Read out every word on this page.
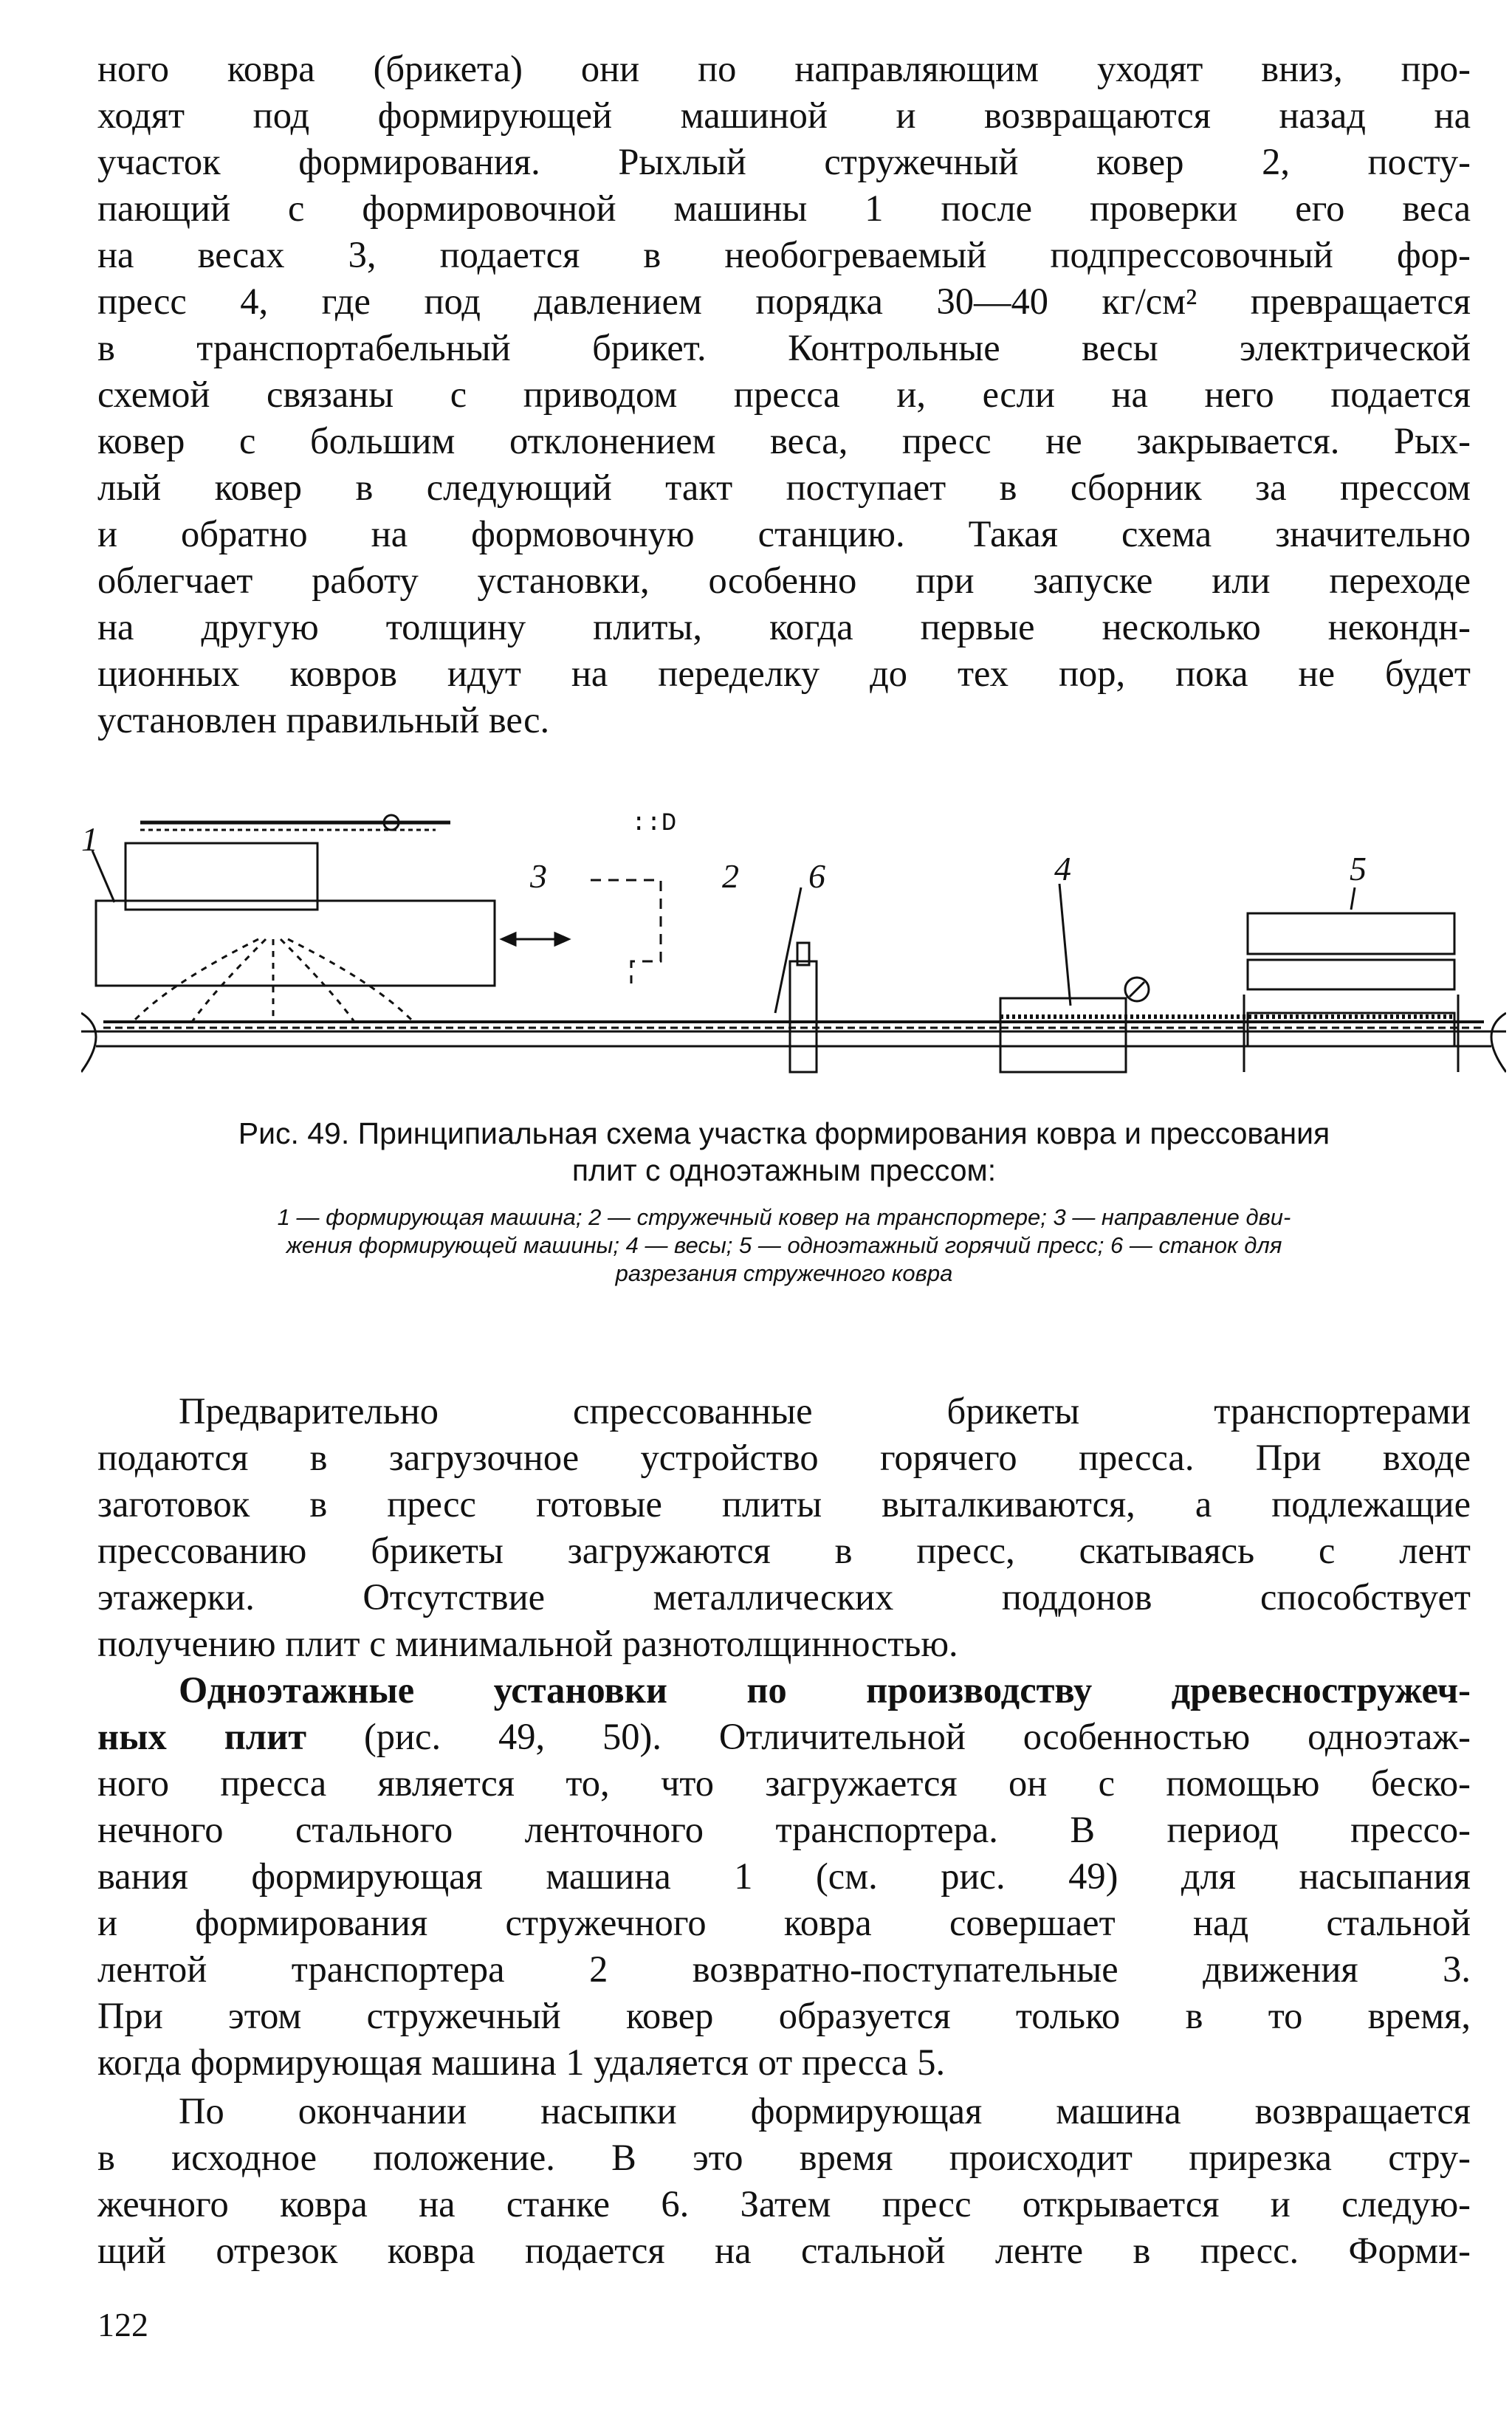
ного ковра (брикета) они по направляющим уходят вниз, про-
ходят под формирующей машиной и возвращаются назад на
участок формирования. Рыхлый стружечный ковер 2, посту-
пающий с формировочной машины 1 после проверки его веса
на весах 3, подается в необогреваемый подпрессовочный фор-
пресс 4, где под давлением порядка 30—40 кг/см² превращается
в транспортабельный брикет. Контрольные весы электрической
схемой связаны с приводом пресса и, если на него подается
ковер с большим отклонением веса, пресс не закрывается. Рых-
лый ковер в следующий такт поступает в сборник за прессом
и обратно на формовочную станцию. Такая схема значительно
облегчает работу установки, особенно при запуске или переходе
на другую толщину плиты, когда первые несколько некондн-
ционных ковров идут на переделку до тех пор, пока не будет
установлен правильный вес.
::D
1
3	2 6	4	5
Рис. 49. Принципиальная схема участка формирования ковра и прессования
плит с одноэтажным прессом:
1 — формирующая машина; 2 — стружечный ковер на транспортере; 3 — направление дви-
жения формирующей машины; 4 — весы; 5 — одноэтажный горячий пресс; 6 — станок для
разрезания стружечного ковра
Предварительно спрессованные брикеты транспортерами
подаются в загрузочное устройство горячего пресса. При входе
заготовок в пресс готовые плиты выталкиваются, а подлежащие
прессованию брикеты загружаются в пресс, скатываясь с лент
этажерки. Отсутствие металлических поддонов способствует
получению плит с минимальной разнотолщинностью.
Одноэтажные установки по производству древесностружеч-
ных плит (рис. 49, 50). Отличительной особенностью одноэтаж-
ного пресса является то, что загружается он с помощью беско-
нечного стального ленточного транспортера. В период прессо-
вания формирующая машина 1 (см. рис. 49) для насыпания
и формирования стружечного ковра совершает над стальной
лентой транспортера 2 возвратно-поступательные движения 3.
При этом стружечный ковер образуется только в то время,
когда формирующая машина 1 удаляется от пресса 5.
По окончании насыпки формирующая машина возвращается
в исходное положение. В это время происходит прирезка стру-
жечного ковра на станке 6. Затем пресс открывается и следую-
щий отрезок ковра подается на стальной ленте в пресс. Форми-
122
